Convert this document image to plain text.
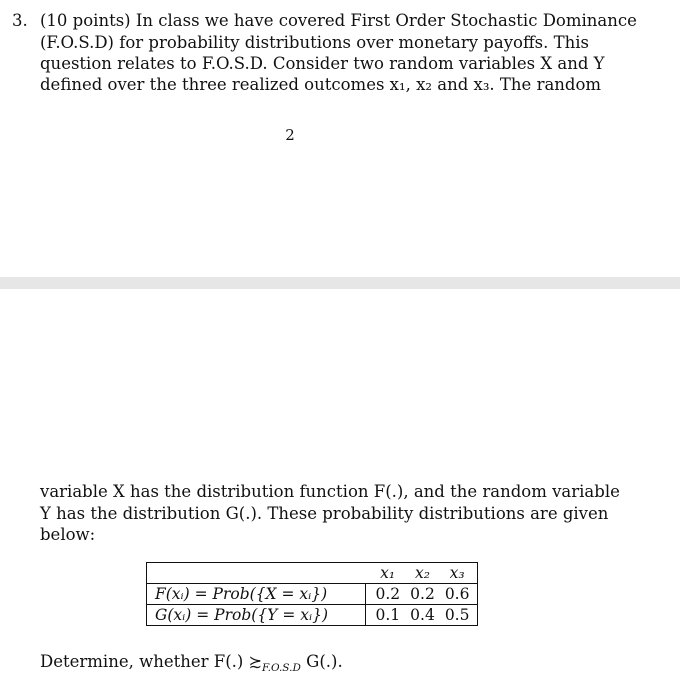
3. (10 points) In class we have covered First Order Stochastic Dominance
(F.O.S.D) for probability distributions over monetary payoffs. This
question relates to F.O.S.D. Consider two random variables X and Y
defined over the three realized outcomes x₁, x₂ and x₃. The random
2
variable X has the distribution function F(.), and the random variable
Y has the distribution G(.). These probability distributions are given
below:
	x₁	x₂	x₃
F(xᵢ) = Prob({X = xᵢ})	0.2	0.2	0.6
G(xᵢ) = Prob({Y = xᵢ})	0.1	0.4	0.5
Determine, whether F(.) $≿_{F.O.S.D}$ G(.).
